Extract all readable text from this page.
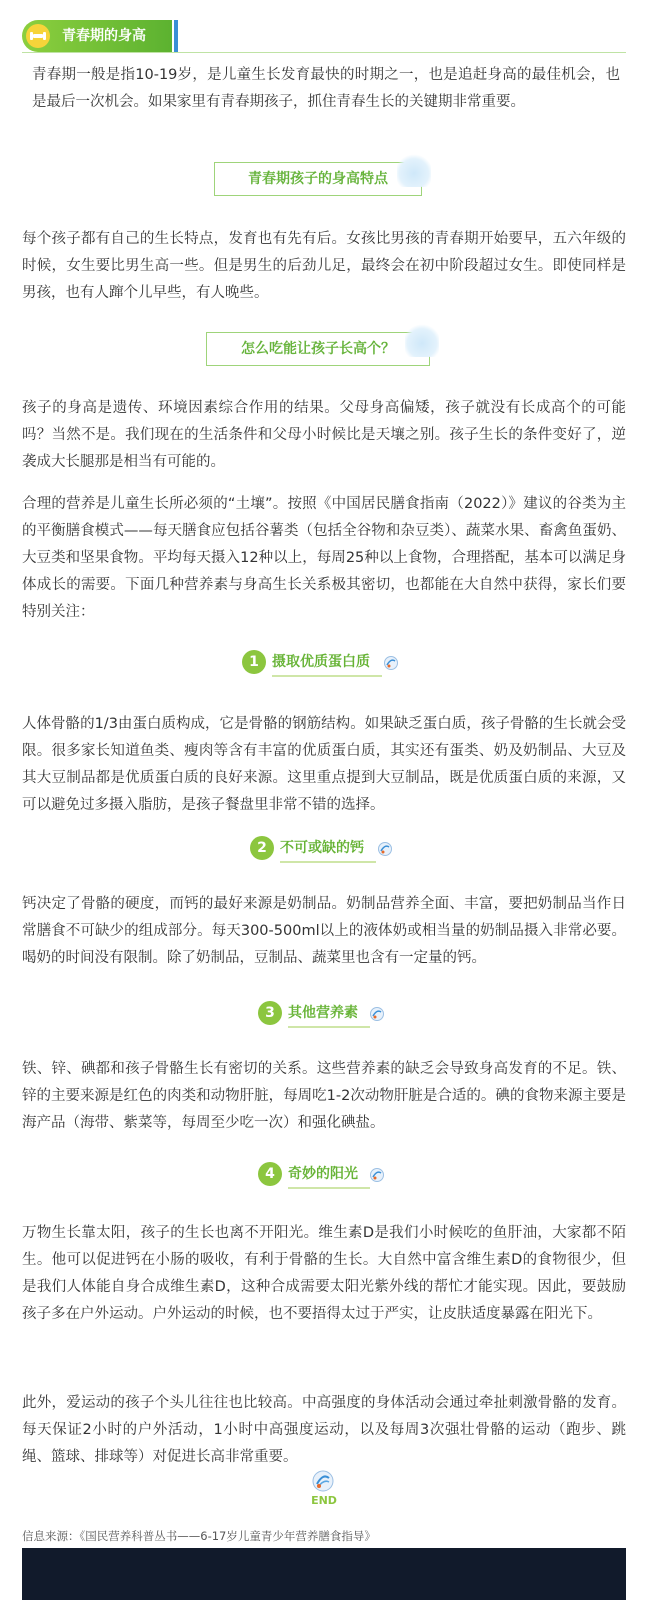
青春期的身高

青春期一般是指10-19岁，是儿童生长发育最快的时期之一，也是追赶身高的最佳机会，也是最后一次机会。如果家里有青春期孩子，抓住青春生长的关键期非常重要。

青春期孩子的身高特点

每个孩子都有自己的生长特点，发育也有先有后。女孩比男孩的青春期开始要早，五六年级的时候，女生要比男生高一些。但是男生的后劲儿足，最终会在初中阶段超过女生。即使同样是男孩，也有人蹿个儿早些，有人晚些。

怎么吃能让孩子长高个？

孩子的身高是遗传、环境因素综合作用的结果。父母身高偏矮，孩子就没有长成高个的可能吗？当然不是。我们现在的生活条件和父母小时候比是天壤之别。孩子生长的条件变好了，逆袭成大长腿那是相当有可能的。

合理的营养是儿童生长所必须的“土壤”。按照《中国居民膳食指南（2022）》建议的谷类为主的平衡膳食模式——每天膳食应包括谷薯类（包括全谷物和杂豆类）、蔬菜水果、畜禽鱼蛋奶、大豆类和坚果食物。平均每天摄入12种以上，每周25种以上食物，合理搭配，基本可以满足身体成长的需要。下面几种营养素与身高生长关系极其密切，也都能在大自然中获得，家长们要特别关注：

1 摄取优质蛋白质

人体骨骼的1/3由蛋白质构成，它是骨骼的钢筋结构。如果缺乏蛋白质，孩子骨骼的生长就会受限。很多家长知道鱼类、瘦肉等含有丰富的优质蛋白质，其实还有蛋类、奶及奶制品、大豆及其大豆制品都是优质蛋白质的良好来源。这里重点提到大豆制品，既是优质蛋白质的来源，又可以避免过多摄入脂肪，是孩子餐盘里非常不错的选择。

2 不可或缺的钙

钙决定了骨骼的硬度，而钙的最好来源是奶制品。奶制品营养全面、丰富，要把奶制品当作日常膳食不可缺少的组成部分。每天300-500ml以上的液体奶或相当量的奶制品摄入非常必要。喝奶的时间没有限制。除了奶制品，豆制品、蔬菜里也含有一定量的钙。

3 其他营养素

铁、锌、碘都和孩子骨骼生长有密切的关系。这些营养素的缺乏会导致身高发育的不足。铁、锌的主要来源是红色的肉类和动物肝脏，每周吃1-2次动物肝脏是合适的。碘的食物来源主要是海产品（海带、紫菜等，每周至少吃一次）和强化碘盐。

4 奇妙的阳光

万物生长靠太阳，孩子的生长也离不开阳光。维生素D是我们小时候吃的鱼肝油，大家都不陌生。他可以促进钙在小肠的吸收，有利于骨骼的生长。大自然中富含维生素D的食物很少，但是我们人体能自身合成维生素D，这种合成需要太阳光紫外线的帮忙才能实现。因此，要鼓励孩子多在户外运动。户外运动的时候，也不要捂得太过于严实，让皮肤适度暴露在阳光下。

此外，爱运动的孩子个头儿往往也比较高。中高强度的身体活动会通过牵扯刺激骨骼的发育。每天保证2小时的户外活动，1小时中高强度运动，以及每周3次强壮骨骼的运动（跑步、跳绳、篮球、排球等）对促进长高非常重要。

END
信息来源：《国民营养科普丛书——6-17岁儿童青少年营养膳食指导》
